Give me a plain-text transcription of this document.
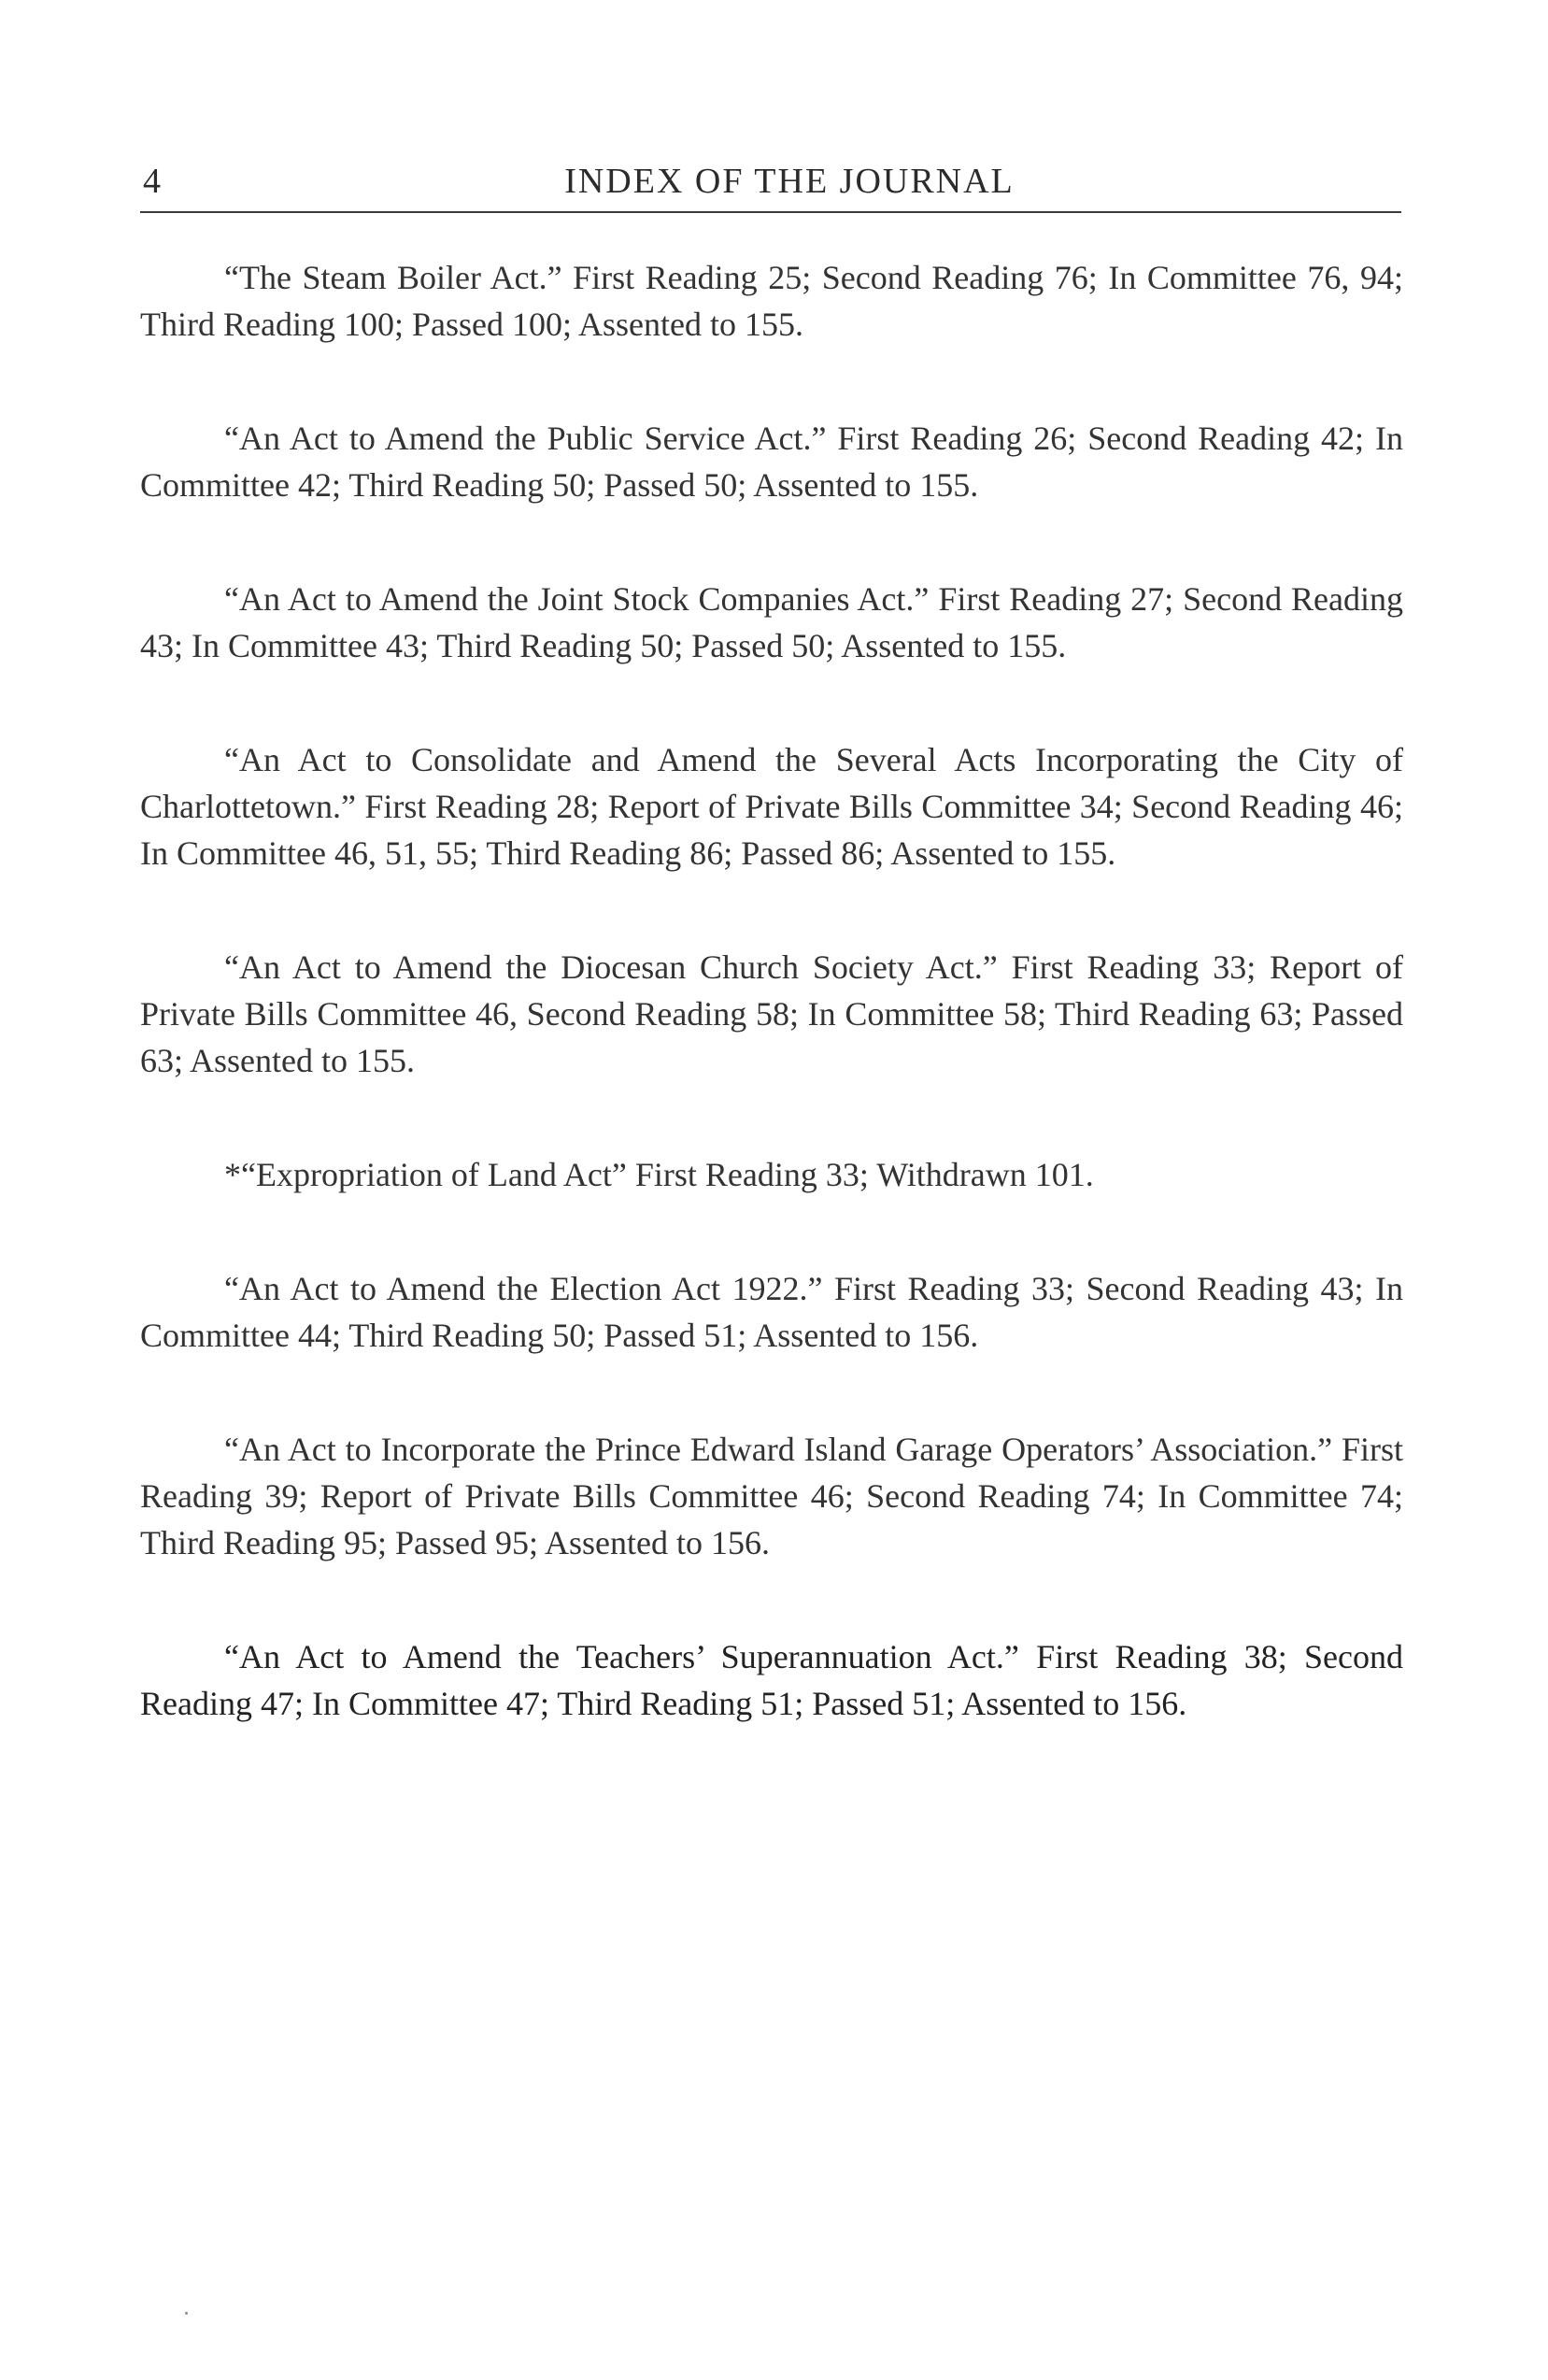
4	INDEX OF THE JOURNAL

“The Steam Boiler Act.” First Reading 25; Second Reading 76; In Committee 76, 94; Third Reading 100; Passed 100; Assented to 155.

“An Act to Amend the Public Service Act.” First Reading 26; Second Reading 42; In Committee 42; Third Reading 50; Passed 50; Assented to 155.

“An Act to Amend the Joint Stock Companies Act.” First Reading 27; Second Reading 43; In Committee 43; Third Reading 50; Passed 50; Assented to 155.

“An Act to Consolidate and Amend the Several Acts Incorporating the City of Charlottetown.” First Reading 28; Report of Private Bills Committee 34; Second Reading 46; In Committee 46, 51, 55; Third Reading 86; Passed 86; Assented to 155.

“An Act to Amend the Diocesan Church Society Act.” First Reading 33; Report of Private Bills Committee 46, Second Reading 58; In Committee 58; Third Reading 63; Passed 63; Assented to 155.

*“Expropriation of Land Act” First Reading 33; Withdrawn 101.

“An Act to Amend the Election Act 1922.” First Reading 33; Second Reading 43; In Committee 44; Third Reading 50; Passed 51; Assented to 156.

“An Act to Incorporate the Prince Edward Island Garage Operators’ Association.” First Reading 39; Report of Private Bills Committee 46; Second Reading 74; In Committee 74; Third Reading 95; Passed 95; Assented to 156.

“An Act to Amend the Teachers’ Superannuation Act.” First Reading 38; Second Reading 47; In Committee 47; Third Reading 51; Passed 51; Assented to 156.
